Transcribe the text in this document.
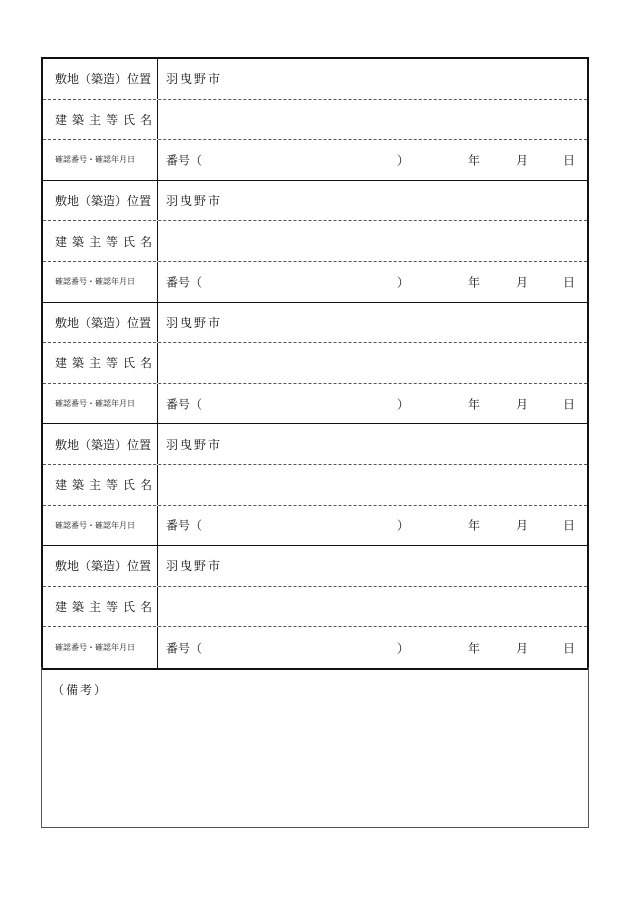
敷地（築造）位置	羽曳野市
建築主等氏名
確認番号・確認年月日	番号（	）	年	月	日
敷地（築造）位置	羽曳野市
建築主等氏名
確認番号・確認年月日	番号（	）	年	月	日
敷地（築造）位置	羽曳野市
建築主等氏名
確認番号・確認年月日	番号（	）	年	月	日
敷地（築造）位置	羽曳野市
建築主等氏名
確認番号・確認年月日	番号（	）	年	月	日
敷地（築造）位置	羽曳野市
建築主等氏名
確認番号・確認年月日	番号（	）	年	月	日
（備考）
